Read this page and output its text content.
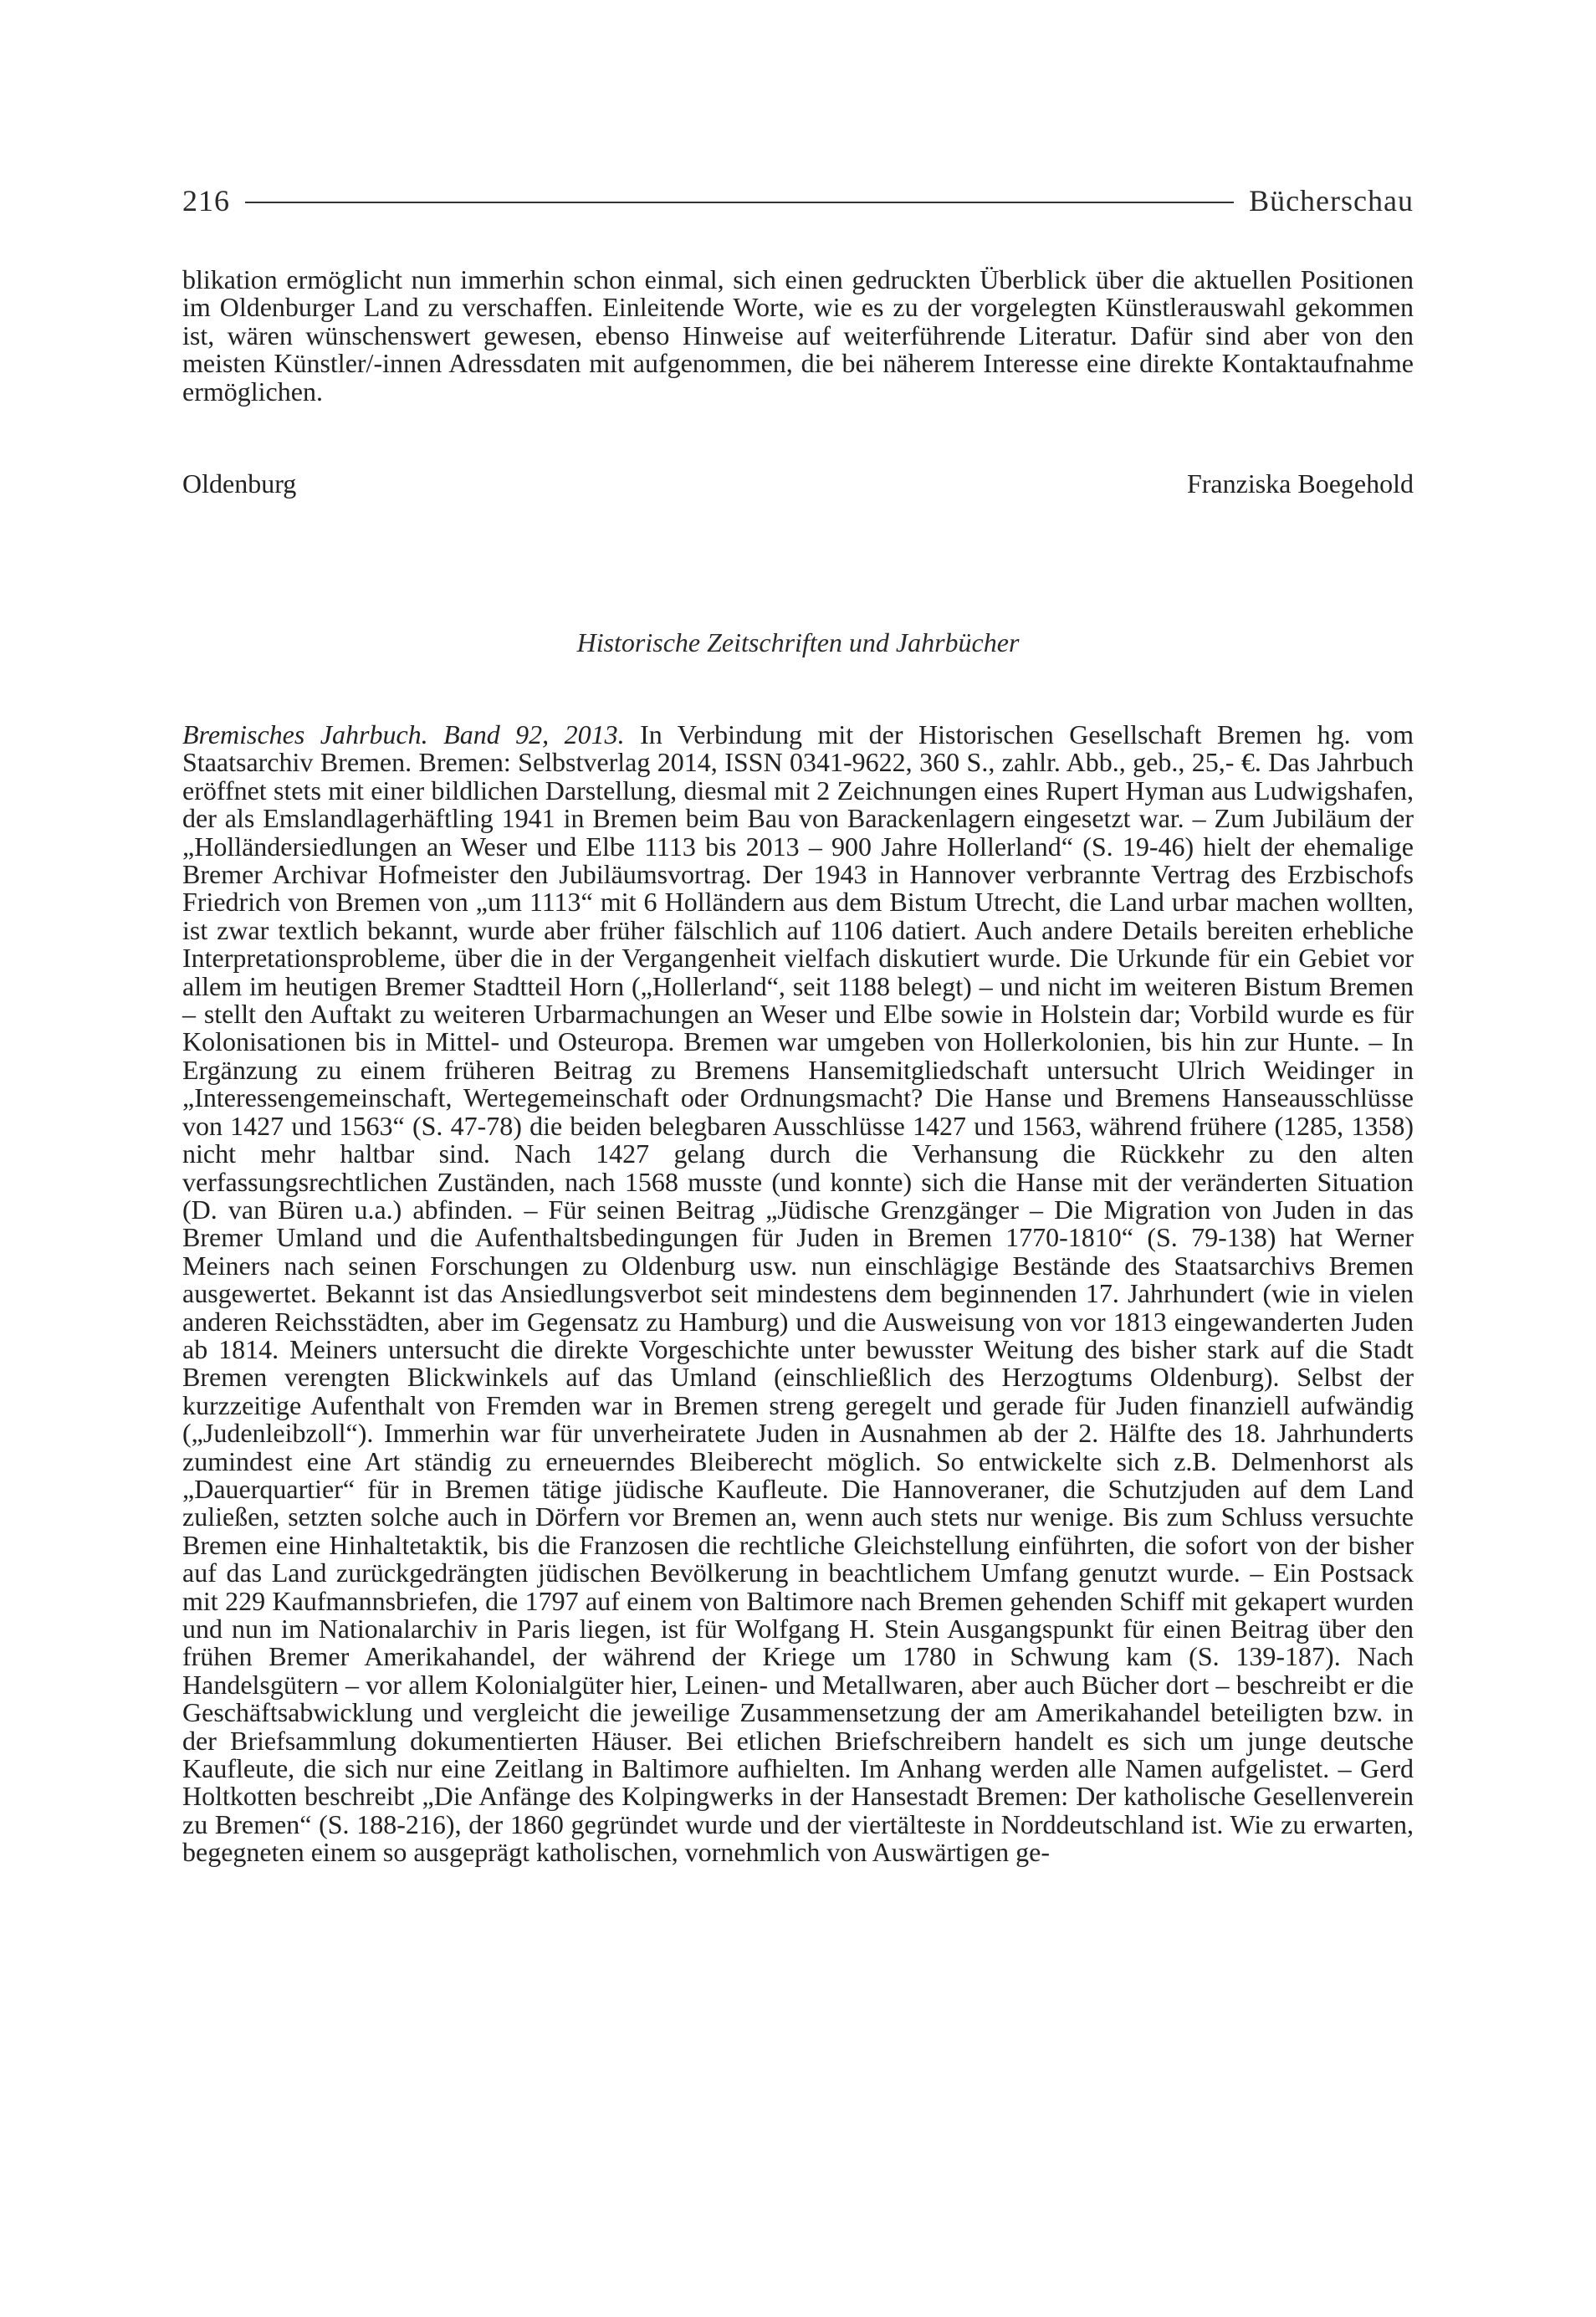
216	Bücherschau

blikation ermöglicht nun immerhin schon einmal, sich einen gedruckten Überblick über die aktuellen Positionen im Oldenburger Land zu verschaffen. Einleitende Worte, wie es zu der vorgelegten Künstlerauswahl gekommen ist, wären wünschenswert gewesen, ebenso Hinweise auf weiterführende Literatur. Dafür sind aber von den meisten Künstler/-innen Adressdaten mit aufgenommen, die bei näherem Interesse eine direkte Kontaktaufnahme ermöglichen.

Oldenburg	Franziska Boegehold
Historische Zeitschriften und Jahrbücher

Bremisches Jahrbuch. Band 92, 2013. In Verbindung mit der Historischen Gesellschaft Bremen hg. vom Staatsarchiv Bremen. Bremen: Selbstverlag 2014, ISSN 0341-9622, 360 S., zahlr. Abb., geb., 25,- €. Das Jahrbuch eröffnet stets mit einer bildlichen Darstellung, diesmal mit 2 Zeichnungen eines Rupert Hyman aus Ludwigshafen, der als Emslandlagerhäftling 1941 in Bremen beim Bau von Barackenlagern eingesetzt war. – Zum Jubiläum der „Holländersiedlungen an Weser und Elbe 1113 bis 2013 – 900 Jahre Hollerland“ (S. 19-46) hielt der ehemalige Bremer Archivar Hofmeister den Jubiläumsvortrag. Der 1943 in Hannover verbrannte Vertrag des Erzbischofs Friedrich von Bremen von „um 1113“ mit 6 Holländern aus dem Bistum Utrecht, die Land urbar machen wollten, ist zwar textlich bekannt, wurde aber früher fälschlich auf 1106 datiert. Auch andere Details bereiten erhebliche Interpretationsprobleme, über die in der Vergangenheit vielfach diskutiert wurde. Die Urkunde für ein Gebiet vor allem im heutigen Bremer Stadtteil Horn („Hollerland“, seit 1188 belegt) – und nicht im weiteren Bistum Bremen – stellt den Auftakt zu weiteren Urbarmachungen an Weser und Elbe sowie in Holstein dar; Vorbild wurde es für Kolonisationen bis in Mittel- und Osteuropa. Bremen war umgeben von Hollerkolonien, bis hin zur Hunte. – In Ergänzung zu einem früheren Beitrag zu Bremens Hansemitgliedschaft untersucht Ulrich Weidinger in „Interessengemeinschaft, Wertegemeinschaft oder Ordnungsmacht? Die Hanse und Bremens Hanseausschlüsse von 1427 und 1563“ (S. 47-78) die beiden belegbaren Ausschlüsse 1427 und 1563, während frühere (1285, 1358) nicht mehr haltbar sind. Nach 1427 gelang durch die Verhansung die Rückkehr zu den alten verfassungsrechtlichen Zuständen, nach 1568 musste (und konnte) sich die Hanse mit der veränderten Situation (D. van Büren u.a.) abfinden. – Für seinen Beitrag „Jüdische Grenzgänger – Die Migration von Juden in das Bremer Umland und die Aufenthaltsbedingungen für Juden in Bremen 1770-1810“ (S. 79-138) hat Werner Meiners nach seinen Forschungen zu Oldenburg usw. nun einschlägige Bestände des Staatsarchivs Bremen ausgewertet. Bekannt ist das Ansiedlungsverbot seit mindestens dem beginnenden 17. Jahrhundert (wie in vielen anderen Reichsstädten, aber im Gegensatz zu Hamburg) und die Ausweisung von vor 1813 eingewanderten Juden ab 1814. Meiners untersucht die direkte Vorgeschichte unter bewusster Weitung des bisher stark auf die Stadt Bremen verengten Blickwinkels auf das Umland (einschließlich des Herzogtums Oldenburg). Selbst der kurzzeitige Aufenthalt von Fremden war in Bremen streng geregelt und gerade für Juden finanziell aufwändig („Judenleibzoll“). Immerhin war für unverheiratete Juden in Ausnahmen ab der 2. Hälfte des 18. Jahrhunderts zumindest eine Art ständig zu erneuerndes Bleiberecht möglich. So entwickelte sich z.B. Delmenhorst als „Dauerquartier“ für in Bremen tätige jüdische Kaufleute. Die Hannoveraner, die Schutzjuden auf dem Land zuließen, setzten solche auch in Dörfern vor Bremen an, wenn auch stets nur wenige. Bis zum Schluss versuchte Bremen eine Hinhaltetaktik, bis die Franzosen die rechtliche Gleichstellung einführten, die sofort von der bisher auf das Land zurückgedrängten jüdischen Bevölkerung in beachtlichem Umfang genutzt wurde. – Ein Postsack mit 229 Kaufmannsbriefen, die 1797 auf einem von Baltimore nach Bremen gehenden Schiff mit gekapert wurden und nun im Nationalarchiv in Paris liegen, ist für Wolfgang H. Stein Ausgangspunkt für einen Beitrag über den frühen Bremer Amerikahandel, der während der Kriege um 1780 in Schwung kam (S. 139-187). Nach Handelsgütern – vor allem Kolonialgüter hier, Leinen- und Metallwaren, aber auch Bücher dort – beschreibt er die Geschäftsabwicklung und vergleicht die jeweilige Zusammensetzung der am Amerikahandel beteiligten bzw. in der Briefsammlung dokumentierten Häuser. Bei etlichen Briefschreibern handelt es sich um junge deutsche Kaufleute, die sich nur eine Zeitlang in Baltimore aufhielten. Im Anhang werden alle Namen aufgelistet. – Gerd Holtkotten beschreibt „Die Anfänge des Kolpingwerks in der Hansestadt Bremen: Der katholische Gesellenverein zu Bremen“ (S. 188-216), der 1860 gegründet wurde und der viertälteste in Norddeutschland ist. Wie zu erwarten, begegneten einem so ausgeprägt katholischen, vornehmlich von Auswärtigen ge-
